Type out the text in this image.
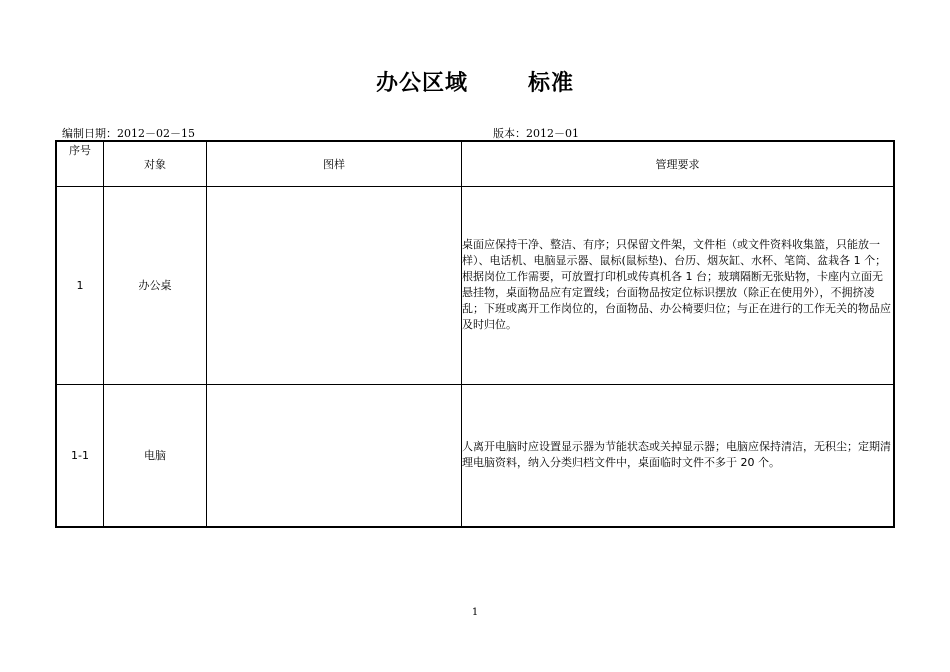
办公区域	标准
编制日期：2012－02－15	版本：2012－01
序号	对象	图样	管理要求
1	办公桌		桌面应保持干净、整洁、有序；只保留文件架，文件柜（或文件资料收集篮，只能放一样）、电话机、电脑显示器、鼠标(鼠标垫)、台历、烟灰缸、水杯、笔筒、盆栽各 1 个；根据岗位工作需要，可放置打印机或传真机各 1 台；玻璃隔断无张贴物，卡座内立面无悬挂物，桌面物品应有定置线；台面物品按定位标识摆放（除正在使用外），不拥挤凌乱；下班或离开工作岗位的，台面物品、办公椅要归位；与正在进行的工作无关的物品应及时归位。
1-1	电脑		人离开电脑时应设置显示器为节能状态或关掉显示器；电脑应保持清洁，无积尘；定期清理电脑资料，纳入分类归档文件中，桌面临时文件不多于 20 个。
1
